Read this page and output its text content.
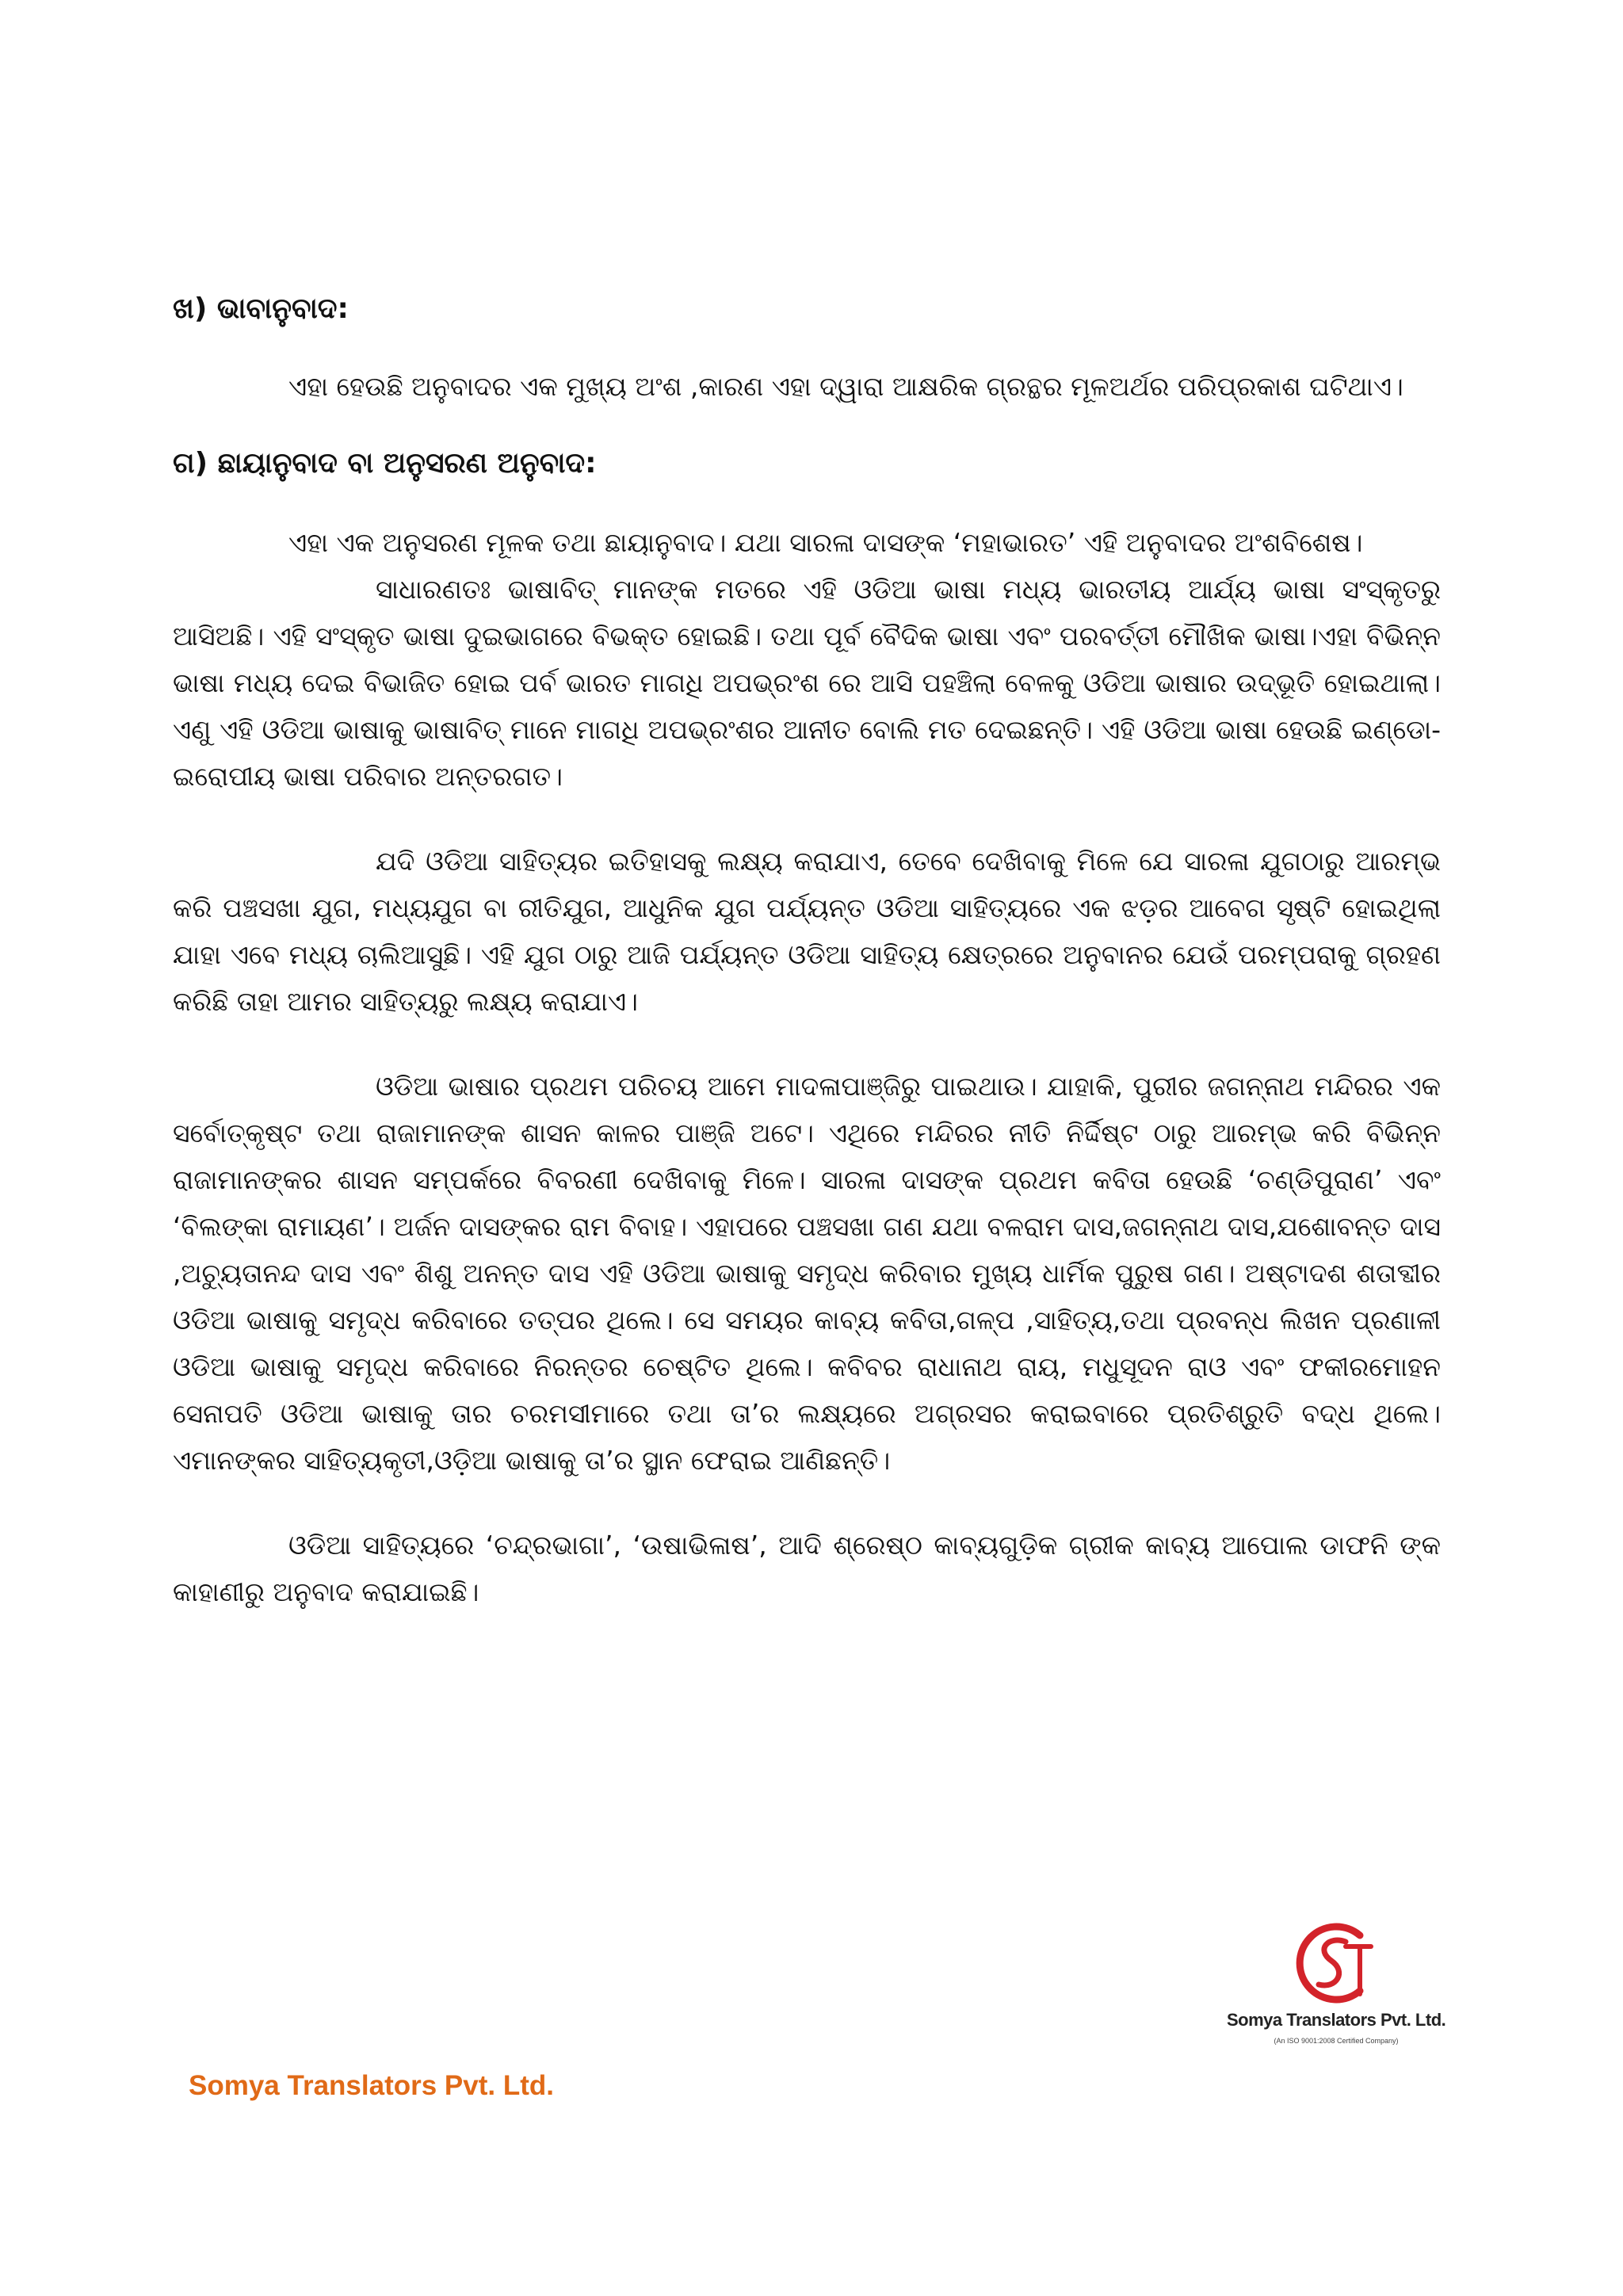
ଖ) ଭାବାନୁବାଦ:

ଏହା ହେଉଛି ଅନୁବାଦର ଏକ ମୁଖ୍ୟ ଅଂଶ ,କାରଣ ଏହା ଦ୍ୱାରା ଆକ୍ଷରିକ ଗ୍ରନ୍ଥର ମୂଳଅର୍ଥର ପରିପ୍ରକାଶ ଘଟିଥାଏ।

ଗ) ଛାୟାନୁବାଦ ବା ଅନୁସରଣ ଅନୁବାଦ:

ଏହା ଏକ ଅନୁସରଣ ମୂଳକ ତଥା ଛାୟାନୁବାଦ। ଯଥା ସାରଳା ଦାସଙ୍କ ‘ମହାଭାରତ’ ଏହି ଅନୁବାଦର ଅଂଶବିଶେଷ।

ସାଧାରଣତଃ ଭାଷାବିତ୍ ମାନଙ୍କ ମତରେ ଏହି ଓଡିଆ ଭାଷା ମଧ୍ୟ ଭାରତୀୟ ଆର୍ଯ୍ୟ ଭାଷା ସଂସ୍କୃତରୁ ଆସିଅଛି। ଏହି ସଂସ୍କୃତ ଭାଷା ଦୁଇଭାଗରେ ବିଭକ୍ତ ହୋଇଛି। ତଥା ପୂର୍ବ ବୈଦିକ ଭାଷା ଏବଂ ପରବର୍ତ୍ତୀ ମୌଖିକ ଭାଷା।ଏହା ବିଭିନ୍ନ ଭାଷା ମଧ୍ୟ ଦେଇ ବିଭାଜିତ ହୋଇ ପର୍ବ ଭାରତ ମାଗଧି ଅପଭ୍ରଂଶ ରେ ଆସି ପହଞ୍ଚିଲା ବେଳକୁ ଓଡିଆ ଭାଷାର ଉଦ୍ଭୂତି ହୋଇଥାଲା। ଏଣୁ ଏହି ଓଡିଆ ଭାଷାକୁ ଭାଷାବିତ୍ ମାନେ ମାଗଧି ଅପଭ୍ରଂଶର ଆନୀତ ବୋଲି ମତ ଦେଇଛନ୍ତି। ଏହି ଓଡିଆ ଭାଷା ହେଉଛି ଇଣ୍ଡୋ-ଇରୋପୀୟ ଭାଷା ପରିବାର ଅନ୍ତରଗତ।

ଯଦି ଓଡିଆ ସାହିତ୍ୟର ଇତିହାସକୁ ଲକ୍ଷ୍ୟ କରାଯାଏ, ତେବେ ଦେଖିବାକୁ ମିଳେ ଯେ ସାରଳା ଯୁଗଠାରୁ ଆରମ୍ଭ କରି ପଞ୍ଚସଖା ଯୁଗ, ମଧ୍ୟଯୁଗ ବା ରୀତିଯୁଗ, ଆଧୁନିକ ଯୁଗ ପର୍ଯ୍ୟନ୍ତ ଓଡିଆ ସାହିତ୍ୟରେ ଏକ ଝଡ଼ର ଆବେଗ ସୃଷ୍ଟି ହୋଇଥିଲା ଯାହା ଏବେ ମଧ୍ୟ ଚାଲିଆସୁଛି। ଏହି ଯୁଗ ଠାରୁ ଆଜି ପର୍ଯ୍ୟନ୍ତ ଓଡିଆ ସାହିତ୍ୟ କ୍ଷେତ୍ରରେ ଅନୁବାନର ଯେଉଁ ପରମ୍ପରାକୁ ଗ୍ରହଣ କରିଛି ତାହା ଆମର ସାହିତ୍ୟରୁ ଲକ୍ଷ୍ୟ କରାଯାଏ।

ଓଡିଆ ଭାଷାର ପ୍ରଥମ ପରିଚୟ ଆମେ ମାଦଳାପାଞ୍ଜିରୁ ପାଇଥାଉ। ଯାହାକି, ପୁରୀର ଜଗନ୍ନାଥ ମନ୍ଦିରର ଏକ ସର୍ବୋତ୍କୃଷ୍ଟ ତଥା ରାଜାମାନଙ୍କ ଶାସନ କାଳର ପାଞ୍ଜି ଅଟେ। ଏଥିରେ ମନ୍ଦିରର ନୀତି ନିର୍ଦ୍ଦିଷ୍ଟ ଠାରୁ ଆରମ୍ଭ କରି ବିଭିନ୍ନ ରାଜାମାନଙ୍କର ଶାସନ ସମ୍ପର୍କରେ ବିବରଣୀ ଦେଖିବାକୁ ମିଳେ। ସାରଳା ଦାସଙ୍କ ପ୍ରଥମ କବିତା ହେଉଛି ‘ଚଣ୍ଡିପୁରାଣ’ ଏବଂ ‘ବିଲଙ୍କା ରାମାୟଣ’। ଅର୍ଜନ ଦାସଙ୍କର ରାମ ବିବାହ। ଏହାପରେ ପଞ୍ଚସଖା ଗଣ ଯଥା ବଳରାମ ଦାସ,ଜଗନ୍ନାଥ ଦାସ,ଯଶୋବନ୍ତ ଦାସ ,ଅଚ୍ୟୁତାନନ୍ଦ ଦାସ ଏବଂ ଶିଶୁ ଅନନ୍ତ ଦାସ ଏହି ଓଡିଆ ଭାଷାକୁ ସମୃଦ୍ଧ କରିବାର ମୁଖ୍ୟ ଧାର୍ମିକ ପୁରୁଷ ଗଣ। ଅଷ୍ଟାଦଶ ଶତାବ୍ଦୀର ଓଡିଆ ଭାଷାକୁ ସମୃଦ୍ଧ କରିବାରେ ତତ୍ପର ଥିଲେ। ସେ ସମୟର କାବ୍ୟ କବିତା,ଗଳ୍ପ ,ସାହିତ୍ୟ,ତଥା ପ୍ରବନ୍ଧ ଲିଖନ ପ୍ରଣାଳୀ ଓଡିଆ ଭାଷାକୁ ସମୃଦ୍ଧ କରିବାରେ ନିରନ୍ତର ଚେଷ୍ଟିତ ଥିଲେ। କବିବର ରାଧାନାଥ ରାୟ, ମଧୁସୂଦନ ରାଓ ଏବଂ ଫକୀରମୋହନ ସେନାପତି ଓଡିଆ ଭାଷାକୁ ତାର ଚରମସୀମାରେ ତଥା ତା’ର ଲକ୍ଷ୍ୟରେ ଅଗ୍ରସର କରାଇବାରେ ପ୍ରତିଶ୍ରୁତି ବଦ୍ଧ ଥିଲେ। ଏମାନଙ୍କର ସାହିତ୍ୟକୃତୀ,ଓଡ଼ିଆ ଭାଷାକୁ ତା’ର ସ୍ଥାନ ଫେରାଇ ଆଣିଛନ୍ତି।

ଓଡିଆ ସାହିତ୍ୟରେ ‘ଚନ୍ଦ୍ରଭାଗା’, ‘ଉଷାଭିଳାଷ’, ଆଦି ଶ୍ରେଷ୍ଠ କାବ୍ୟଗୁଡ଼ିକ ଗ୍ରୀକ କାବ୍ୟ ଆପୋଲ ଡାଫନି ଙ୍କ କାହାଣୀରୁ ଅନୁବାଦ କରାଯାଇଛି।

Somya Translators Pvt. Ltd.
(An ISO 9001:2008 Certified Company)
Somya Translators Pvt. Ltd.
